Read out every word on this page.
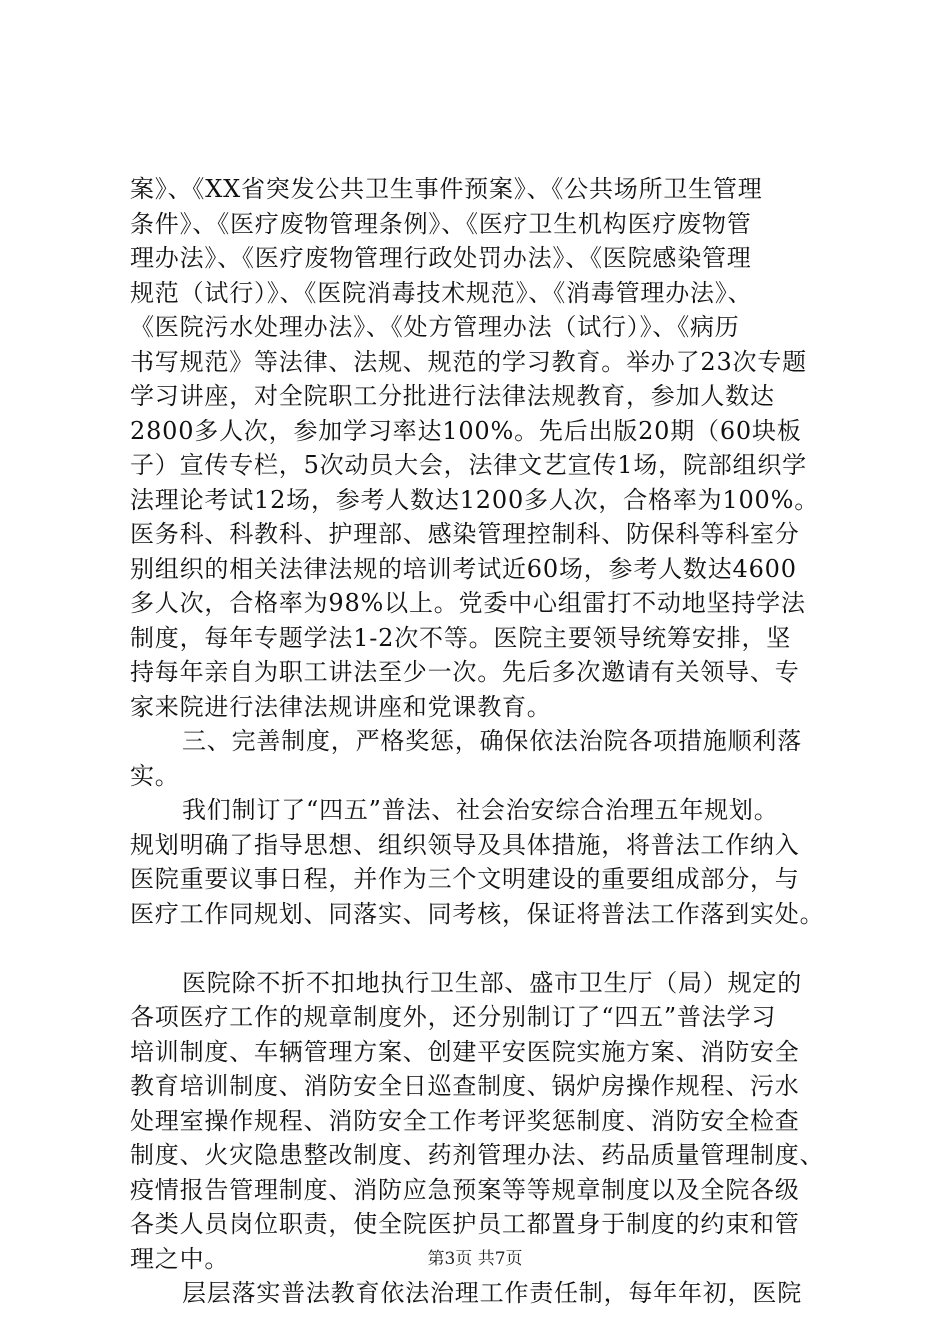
案》、《XX省突发公共卫生事件预案》、《公共场所卫生管理
条件》、《医疗废物管理条例》、《医疗卫生机构医疗废物管
理办法》、《医疗废物管理行政处罚办法》、《医院感染管理
规范（试行）》、《医院消毒技术规范》、《消毒管理办法》、
《医院污水处理办法》、《处方管理办法（试行）》、《病历
书写规范》等法律、法规、规范的学习教育。举办了23次专题
学习讲座，对全院职工分批进行法律法规教育，参加人数达
2800多人次，参加学习率达100%。先后出版20期（60块板
子）宣传专栏，5次动员大会，法律文艺宣传1场，院部组织学
法理论考试12场，参考人数达1200多人次，合格率为100%。
医务科、科教科、护理部、感染管理控制科、防保科等科室分
别组织的相关法律法规的培训考试近60场，参考人数达4600
多人次，合格率为98%以上。党委中心组雷打不动地坚持学法
制度，每年专题学法1-2次不等。医院主要领导统筹安排，坚
持每年亲自为职工讲法至少一次。先后多次邀请有关领导、专
家来院进行法律法规讲座和党课教育。
三、完善制度，严格奖惩，确保依法治院各项措施顺利落
实。
我们制订了“四五”普法、社会治安综合治理五年规划。
规划明确了指导思想、组织领导及具体措施，将普法工作纳入
医院重要议事日程，并作为三个文明建设的重要组成部分，与
医疗工作同规划、同落实、同考核，保证将普法工作落到实处。
医院除不折不扣地执行卫生部、盛市卫生厅（局）规定的
各项医疗工作的规章制度外，还分别制订了“四五”普法学习
培训制度、车辆管理方案、创建平安医院实施方案、消防安全
教育培训制度、消防安全日巡查制度、锅炉房操作规程、污水
处理室操作规程、消防安全工作考评奖惩制度、消防安全检查
制度、火灾隐患整改制度、药剂管理办法、药品质量管理制度、
疫情报告管理制度、消防应急预案等等规章制度以及全院各级
各类人员岗位职责，使全院医护员工都置身于制度的约束和管
理之中。
层层落实普法教育依法治理工作责任制，每年年初，医院
第3页 共7页
